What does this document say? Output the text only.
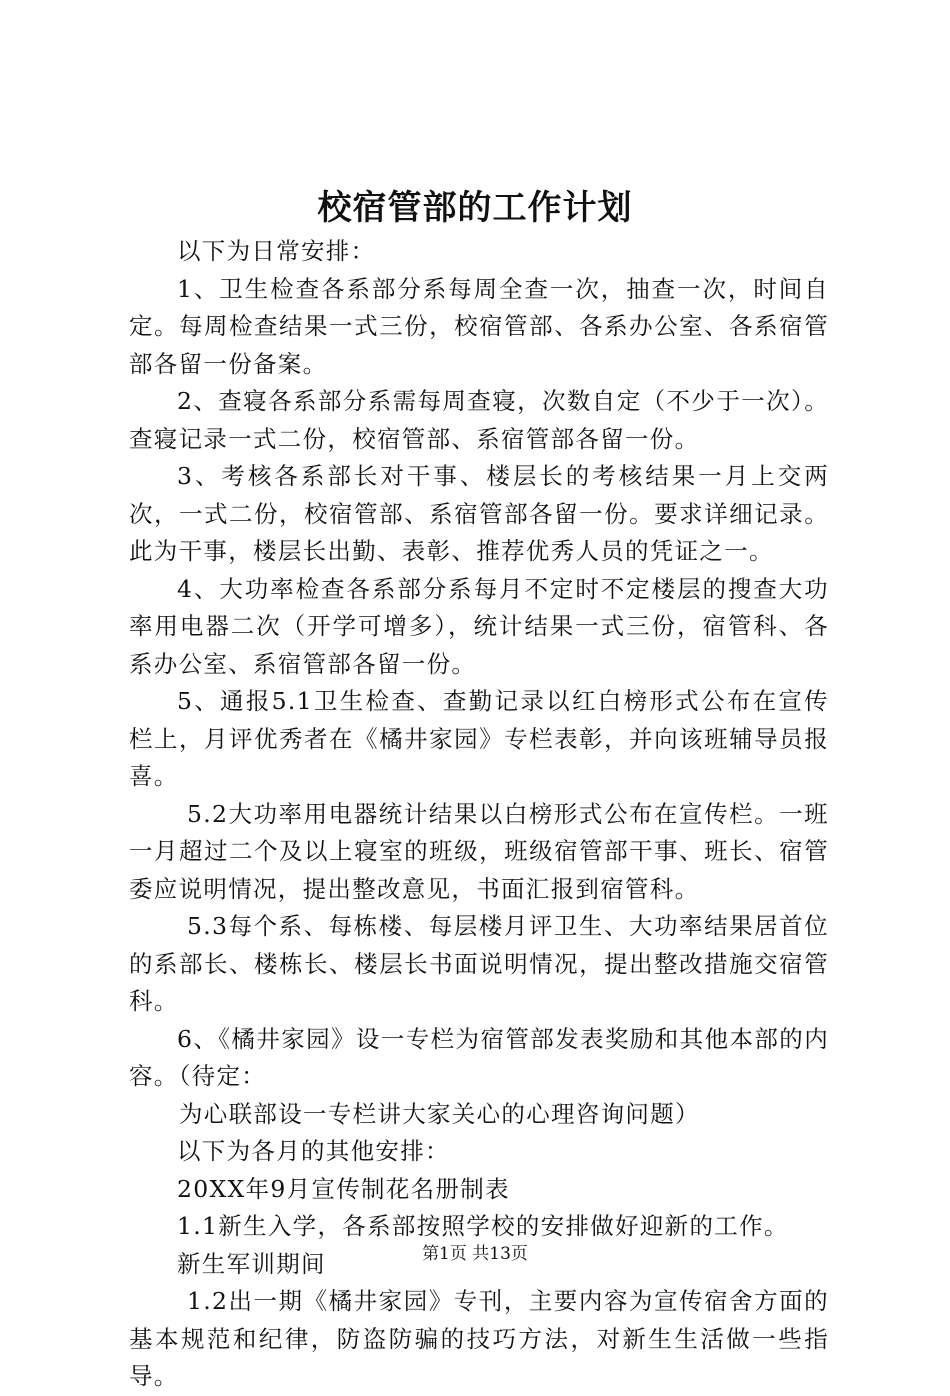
校宿管部的工作计划

以下为日常安排：

1、卫生检查各系部分系每周全查一次，抽查一次，时间自定。每周检查结果一式三份，校宿管部、各系办公室、各系宿管部各留一份备案。

2、查寝各系部分系需每周查寝，次数自定（不少于一次）。查寝记录一式二份，校宿管部、系宿管部各留一份。

3、考核各系部长对干事、楼层长的考核结果一月上交两次，一式二份，校宿管部、系宿管部各留一份。要求详细记录。此为干事，楼层长出勤、表彰、推荐优秀人员的凭证之一。

4、大功率检查各系部分系每月不定时不定楼层的搜查大功率用电器二次（开学可增多），统计结果一式三份，宿管科、各系办公室、系宿管部各留一份。

5、通报5.1卫生检查、查勤记录以红白榜形式公布在宣传栏上，月评优秀者在《橘井家园》专栏表彰，并向该班辅导员报喜。

5.2大功率用电器统计结果以白榜形式公布在宣传栏。一班一月超过二个及以上寝室的班级，班级宿管部干事、班长、宿管委应说明情况，提出整改意见，书面汇报到宿管科。

5.3每个系、每栋楼、每层楼月评卫生、大功率结果居首位的系部长、楼栋长、楼层长书面说明情况，提出整改措施交宿管科。

6、《橘井家园》设一专栏为宿管部发表奖励和其他本部的内容。（待定：

为心联部设一专栏讲大家关心的心理咨询问题）

以下为各月的其他安排：

20XX年9月宣传制花名册制表

1.1新生入学，各系部按照学校的安排做好迎新的工作。

新生军训期间

1.2出一期《橘井家园》专刊，主要内容为宣传宿舍方面的基本规范和纪律，防盗防骗的技巧方法，对新生生活做一些指导。

第1页 共13页
